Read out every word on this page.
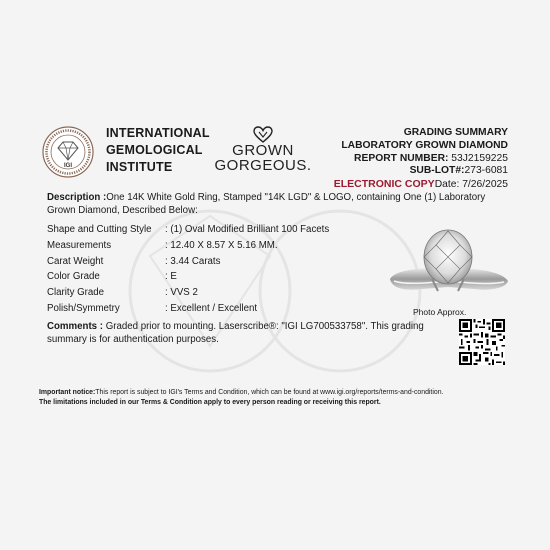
IGI
INTERNATIONAL
GEMOLOGICAL
INSTITUTE
GROWN
GORGEOUS.
GRADING SUMMARY
LABORATORY GROWN DIAMOND
REPORT NUMBER: 53J2159225
SUB-LOT#:273-6081
ELECTRONIC COPYDate: 7/26/2025
Description :One 14K White Gold Ring, Stamped "14K LGD" & LOGO, containing One (1) Laboratory Grown Diamond, Described Below:
Shape and Cutting Style : (1) Oval Modified Brilliant 100 Facets
Measurements	: 12.40 X 8.57 X 5.16 MM.
Carat Weight	: 3.44 Carats
Color Grade	: E
Clarity Grade	: VVS 2
Polish/Symmetry	: Excellent / Excellent	Photo Approx.
Comments : Graded prior to mounting. Laserscribe®: "IGI LG700533758". This grading summary is for authentication purposes.
Important notice:This report is subject to IGI's Terms and Condition, which can be found at www.igi.org/reports/terms-and-condition.
The limitations included in our Terms & Condition apply to every person reading or receiving this report.
